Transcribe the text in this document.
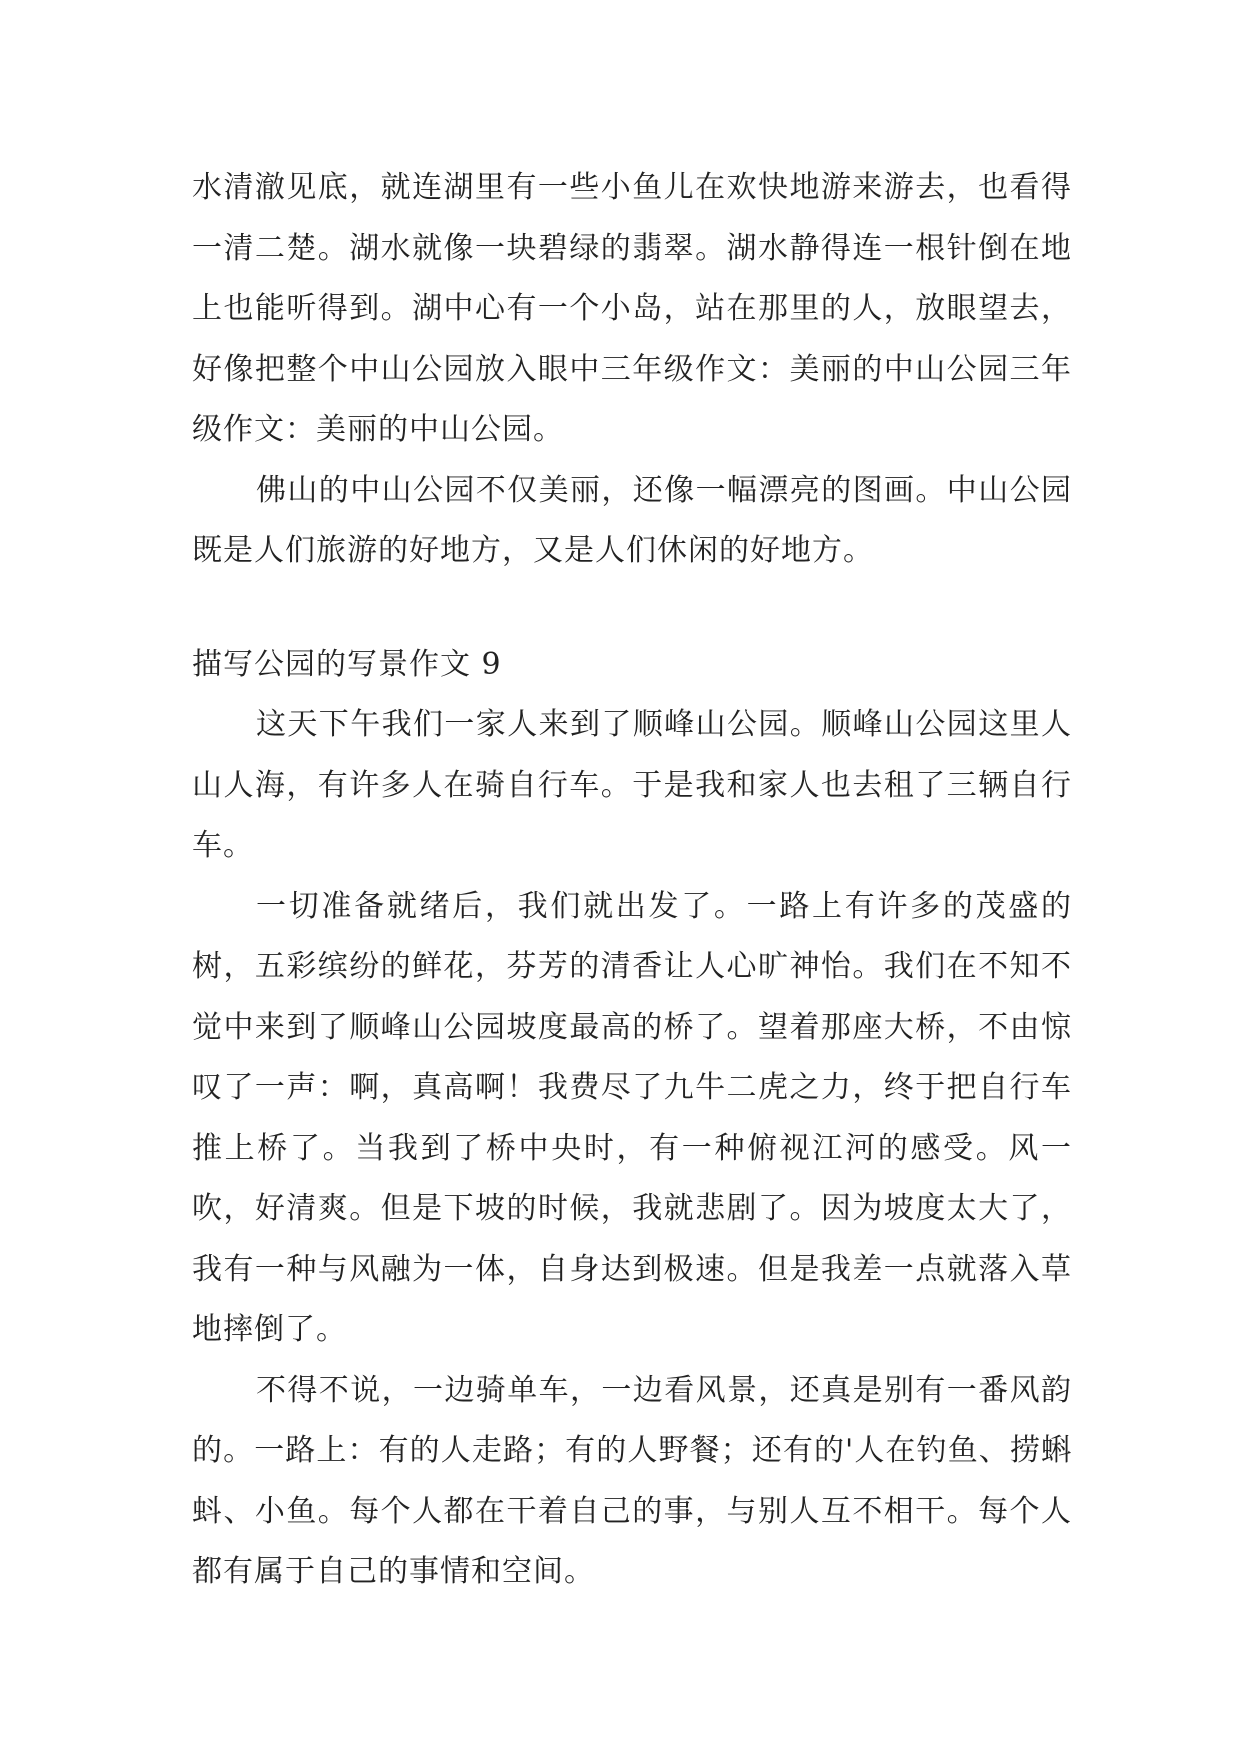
水清澈见底，就连湖里有一些小鱼儿在欢快地游来游去，也看得一清二楚。湖水就像一块碧绿的翡翠。湖水静得连一根针倒在地上也能听得到。湖中心有一个小岛，站在那里的人，放眼望去，好像把整个中山公园放入眼中三年级作文：美丽的中山公园三年级作文：美丽的中山公园。

佛山的中山公园不仅美丽，还像一幅漂亮的图画。中山公园既是人们旅游的好地方，又是人们休闲的好地方。

描写公园的写景作文 9

这天下午我们一家人来到了顺峰山公园。顺峰山公园这里人山人海，有许多人在骑自行车。于是我和家人也去租了三辆自行车。

一切准备就绪后，我们就出发了。一路上有许多的茂盛的树，五彩缤纷的鲜花，芬芳的清香让人心旷神怡。我们在不知不觉中来到了顺峰山公园坡度最高的桥了。望着那座大桥，不由惊叹了一声：啊，真高啊！我费尽了九牛二虎之力，终于把自行车推上桥了。当我到了桥中央时，有一种俯视江河的感受。风一吹，好清爽。但是下坡的时候，我就悲剧了。因为坡度太大了，我有一种与风融为一体，自身达到极速。但是我差一点就落入草地摔倒了。

不得不说，一边骑单车，一边看风景，还真是别有一番风韵的。一路上：有的人走路；有的人野餐；还有的'人在钓鱼、捞蝌蚪、小鱼。每个人都在干着自己的事，与别人互不相干。每个人都有属于自己的事情和空间。
